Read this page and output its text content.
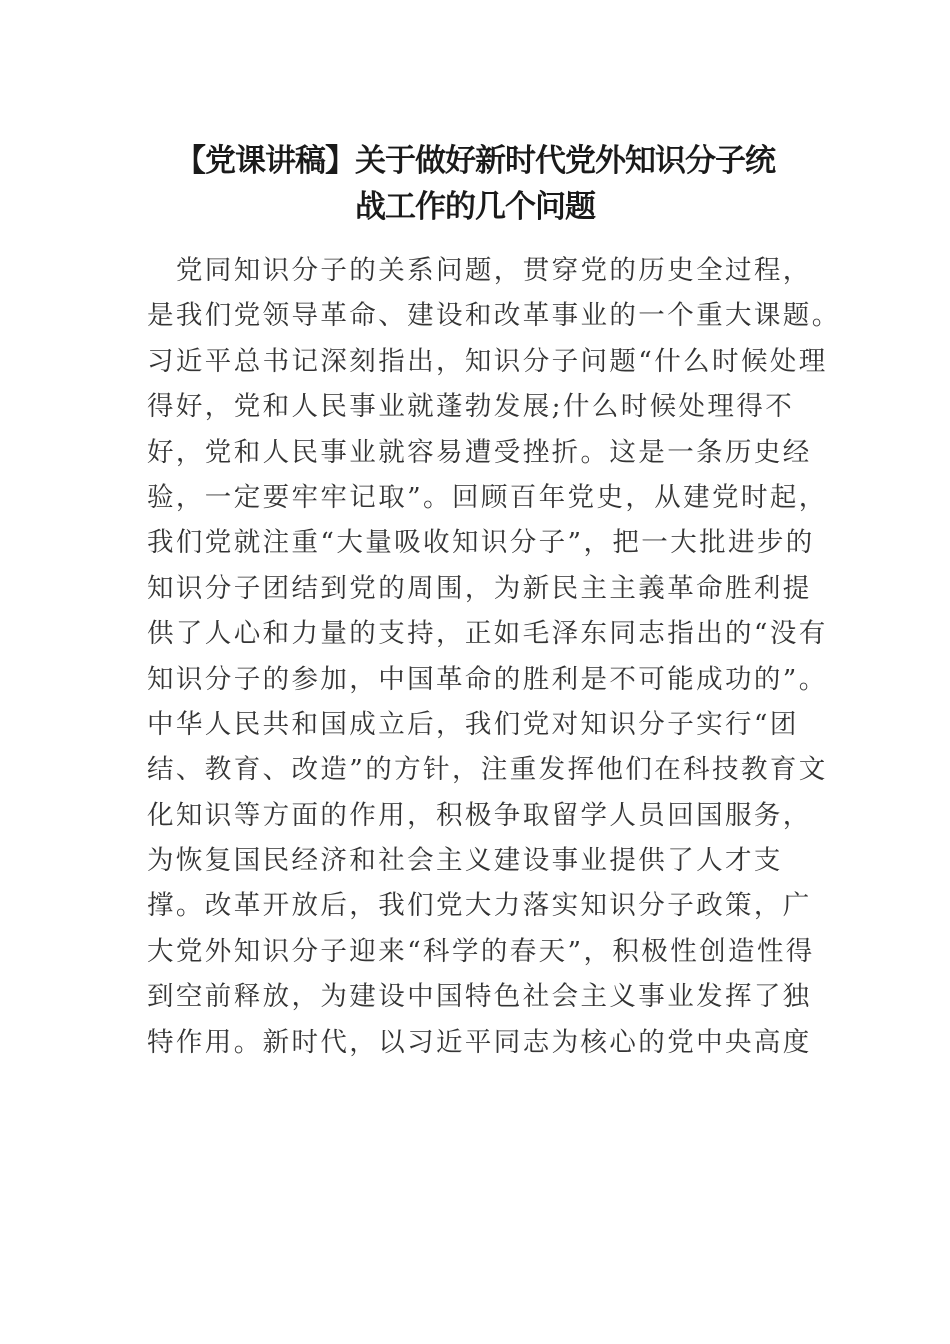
【党课讲稿】关于做好新时代党外知识分子统
战工作的几个问题
　党同知识分子的关系问题，贯穿党的历史全过程，
是我们党领导革命、建设和改革事业的一个重大课题。
习近平总书记深刻指出，知识分子问题“什么时候处理
得好，党和人民事业就蓬勃发展;什么时候处理得不
好，党和人民事业就容易遭受挫折。这是一条历史经
验，一定要牢牢记取”。回顾百年党史，从建党时起，
我们党就注重“大量吸收知识分子”，把一大批进步的
知识分子团结到党的周围，为新民主主義革命胜利提
供了人心和力量的支持，正如毛泽东同志指出的“没有
知识分子的参加，中国革命的胜利是不可能成功的”。
中华人民共和国成立后，我们党对知识分子实行“团
结、教育、改造”的方针，注重发挥他们在科技教育文
化知识等方面的作用，积极争取留学人员回国服务，
为恢复国民经济和社会主义建设事业提供了人才支
撑。改革开放后，我们党大力落实知识分子政策，广
大党外知识分子迎来“科学的春天”，积极性创造性得
到空前释放，为建设中国特色社会主义事业发挥了独
特作用。新时代，以习近平同志为核心的党中央高度
